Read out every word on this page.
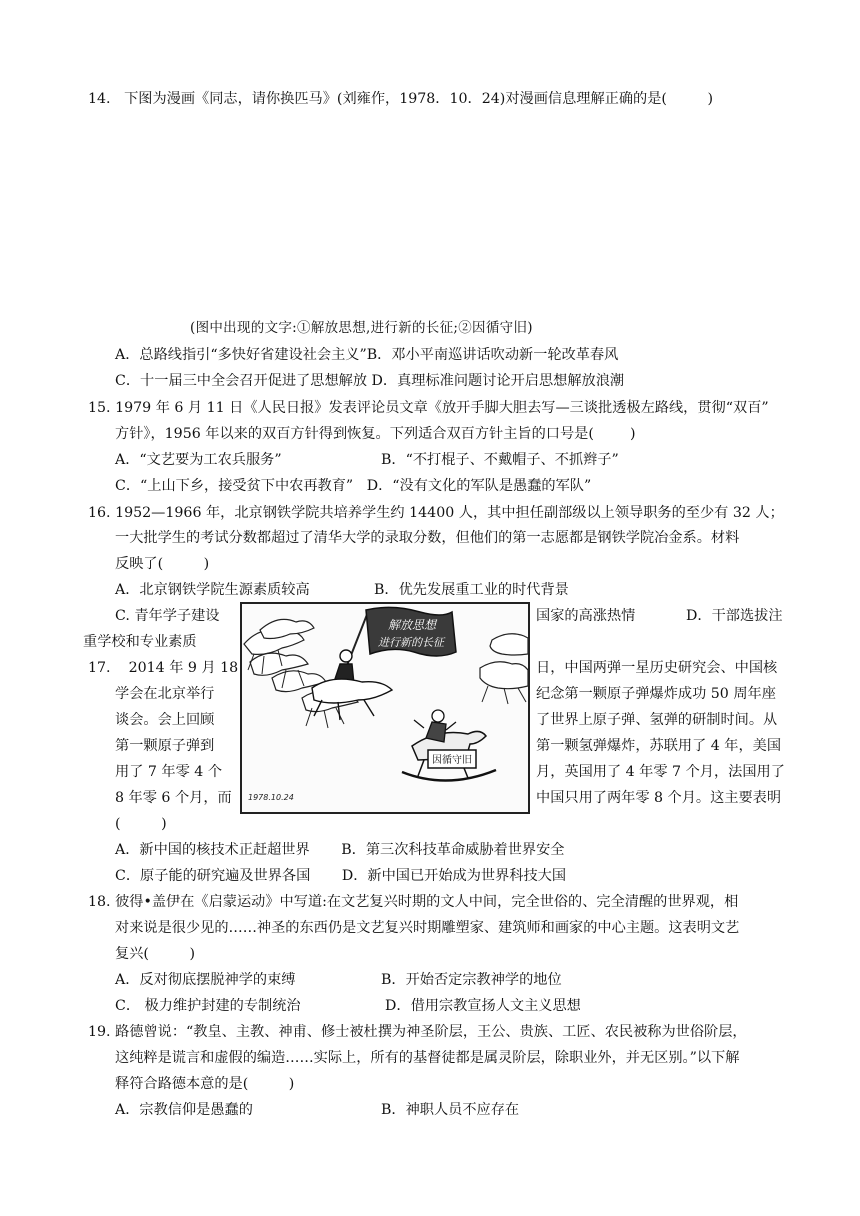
14.   下图为漫画《同志，请你换匹马》(刘雍作，1978．10．24)对漫画信息理解正确的是(         )
(图中出现的文字:①解放思想,进行新的长征;②因循守旧)
A．总路线指引“多快好省建设社会主义”B．邓小平南巡讲话吹动新一轮改革春风
C．十一届三中全会召开促进了思想解放 D．真理标准问题讨论开启思想解放浪潮
15. 1979 年 6 月 11 日《人民日报》发表评论员文章《放开手脚大胆去写—三谈批透极左路线，贯彻“双百”
方针》，1956 年以来的双百方针得到恢复。下列适合双百方针主旨的口号是(        )
A．“文艺要为工农兵服务”	B．“不打棍子、不戴帽子、不抓辫子”
C．“上山下乡，接受贫下中农再教育”   D．“没有文化的军队是愚蠢的军队”
16. 1952—1966 年，北京钢铁学院共培养学生约 14400 人，其中担任副部级以上领导职务的至少有 32 人；
一大批学生的考试分数都超过了清华大学的录取分数，但他们的第一志愿都是钢铁学院冶金系。材料
反映了(         )
A．北京钢铁学院生源素质较高	B．优先发展重工业的时代背景
C. 青年学子建设	国家的高涨热情	D．干部选拔注
重学校和专业素质
17.    2014 年 9 月 18	日，中国两弹一星历史研究会、中国核
学会在北京举行	纪念第一颗原子弹爆炸成功 50 周年座
谈会。会上回顾	了世界上原子弹、氢弹的研制时间。从
第一颗原子弹到	第一颗氢弹爆炸，苏联用了 4 年，美国
用了 7 年零 4 个	月，英国用了 4 年零 7 个月，法国用了
8 年零 6 个月，而	中国只用了两年零 8 个月。这主要表明
(         )
A．新中国的核技术正赶超世界       B．第三次科技革命威胁着世界安全
C．原子能的研究遍及世界各国       D．新中国已开始成为世界科技大国
18. 彼得•盖伊在《启蒙运动》中写道:在文艺复兴时期的文人中间，完全世俗的、完全清醒的世界观，相
对来说是很少见的……神圣的东西仍是文艺复兴时期雕塑家、建筑师和画家的中心主题。这表明文艺
复兴(         )
A．反对彻底摆脱神学的束缚	B．开始否定宗教神学的地位
C． 极力维护封建的专制统治	D．借用宗教宣扬人文主义思想
19. 路德曾说：“教皇、主教、神甫、修士被杜撰为神圣阶层，王公、贵族、工匠、农民被称为世俗阶层，
这纯粹是谎言和虚假的编造……实际上，所有的基督徒都是属灵阶层，除职业外，并无区别。”以下解
释符合路德本意的是(         )
A．宗教信仰是愚蠢的	B．神职人员不应存在
解放思想
进行新的长征
因循守旧
1978.10.24
